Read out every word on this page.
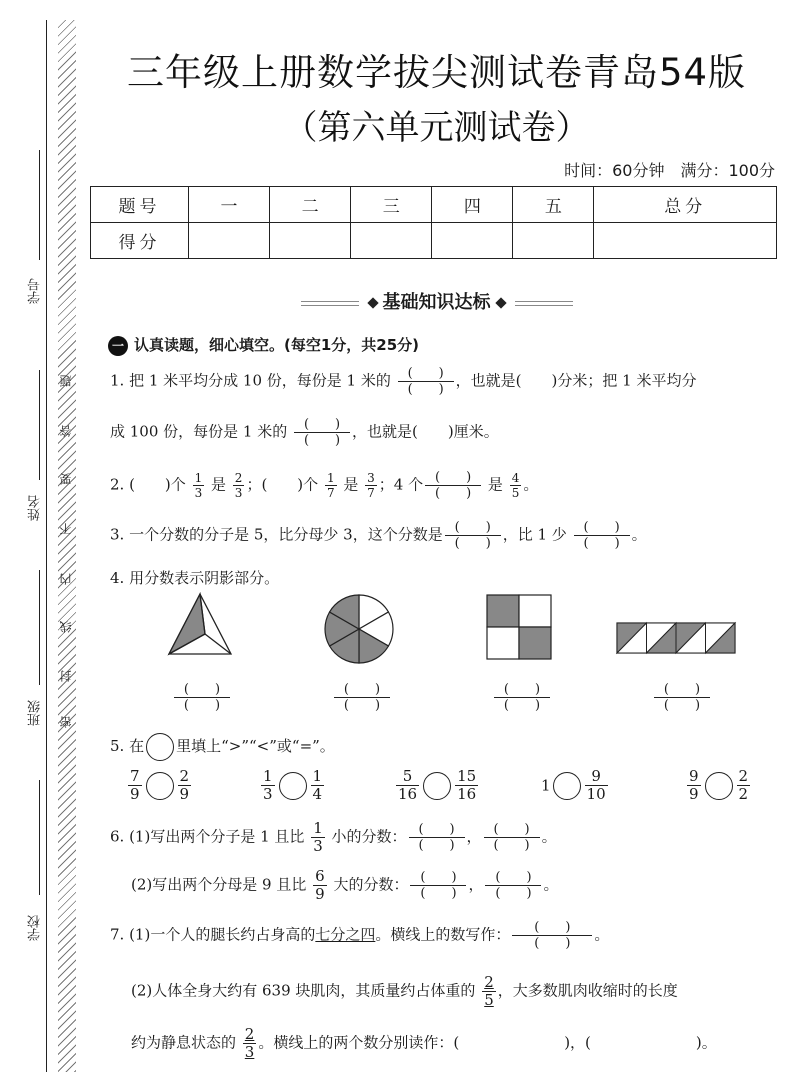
学号
姓名
班级
学校
题
答
要
不
内
线
封
密
三年级上册数学拔尖测试卷青岛54版
（第六单元测试卷）
时间：60分钟　满分：100分
题号	一	二	三	四	五	总分
得分						
基础知识达标
一 认真读题，细心填空。(每空1分，共25分)
1. 把 1 米平均分成 10 份，每份是 1 米的	(　　)
(　　) ，也就是(　　)分米；把 1 米平均分
成 100 份，每份是 1 米的	(　　)
(　　) ，也就是(　　)厘米。
2. (　　)个 $\frac{1}{3}$ 是 $\frac{2}{3}$ ；(　　)个 $\frac{1}{7}$ 是 $\frac{3}{7}$ ；4 个 (　　)
(　　)	是 $\frac{4}{5}$ 。
3. 一个分数的分子是 5，比分母少 3，这个分数是 (　　)
(　　) ，比 1 少	(　　)
(　　) 。
4. 用分数表示阴影部分。
(　　)
(　　)
(　　)
(　　)
(　　)
(　　)
(　　)
(　　)
5. 在 里填上“>”“<”或“=”。
$\frac{7}{9} \frac{2}{9}$	$\frac{1}{3} \frac{1}{4}$	$\frac{5}{16} \frac{15}{16}$	$1 \frac{9}{10}$	$\frac{9}{9} \frac{2}{2}$
6. (1)写出两个分子是 1 且比 $\frac{1}{3}$ 小的分数： (　　)
(　　) ， (　　)
(　　) 。
(2)写出两个分母是 9 且比 $\frac{6}{9}$ 大的分数： (　　)
(　　) ， (　　)
(　　) 。
7. (1)一个人的腿长约占身高的七分之四。横线上的数写作：	(　　)
(　　)	。
(2)人体全身大约有 639 块肌肉，其质量约占体重的 $\frac{2}{5}$ ，大多数肌肉收缩时的长度
约为静息状态的 $\frac{2}{3}$ 。横线上的两个数分别读作：(　　　　　　　)，(　　　　　　　)。
